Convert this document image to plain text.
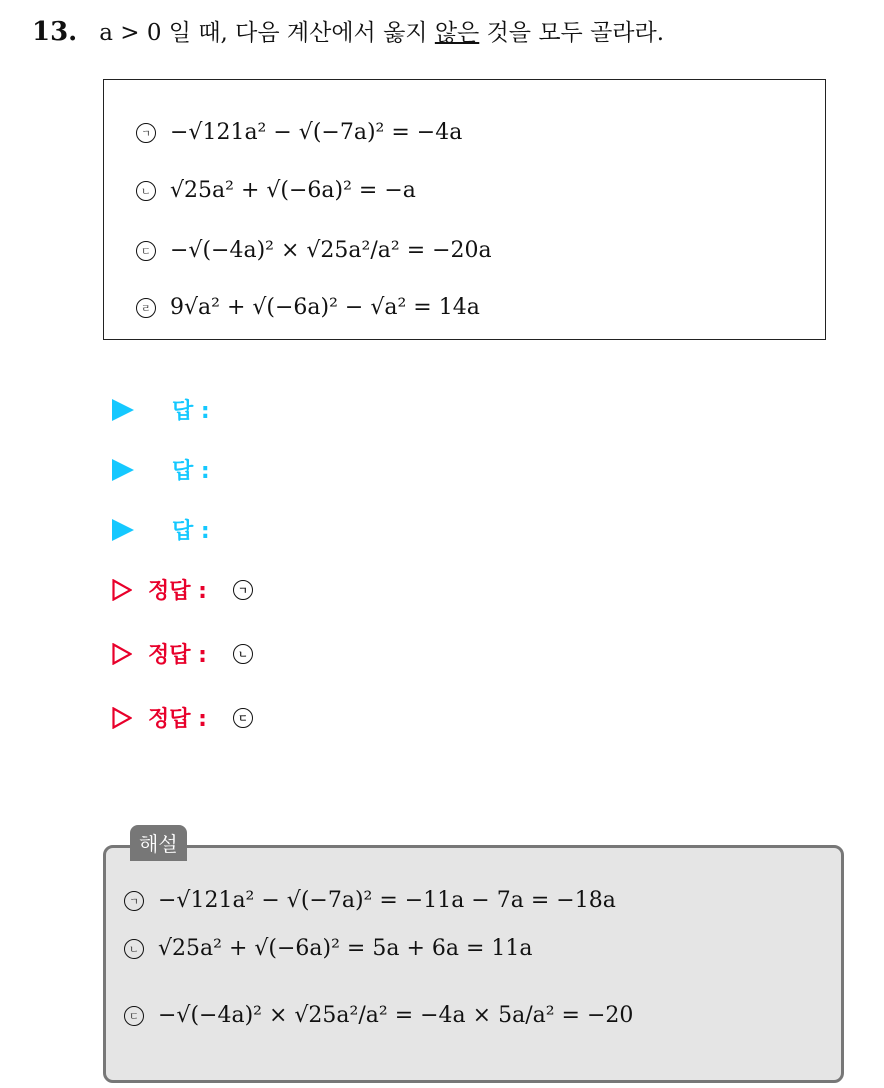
13. a > 0 일 때, 다음 계산에서 옳지 않은 것을 모두 골라라.
ㄱ −√121a² − √(−7a)² = −4a
ㄴ √25a² + √(−6a)² = −a
ㄷ −√(−4a)² × √25a²/a² = −20a
ㄹ 9√a² + √(−6a)² − √a² = 14a
답 :
답 :
답 :
정답 :	ㄱ
정답 :	ㄴ
정답 :	ㄷ
해설
ㄱ −√121a² − √(−7a)² = −11a − 7a = −18a
ㄴ √25a² + √(−6a)² = 5a + 6a = 11a
ㄷ −√(−4a)² × √25a²/a² = −4a × 5a/a² = −20
